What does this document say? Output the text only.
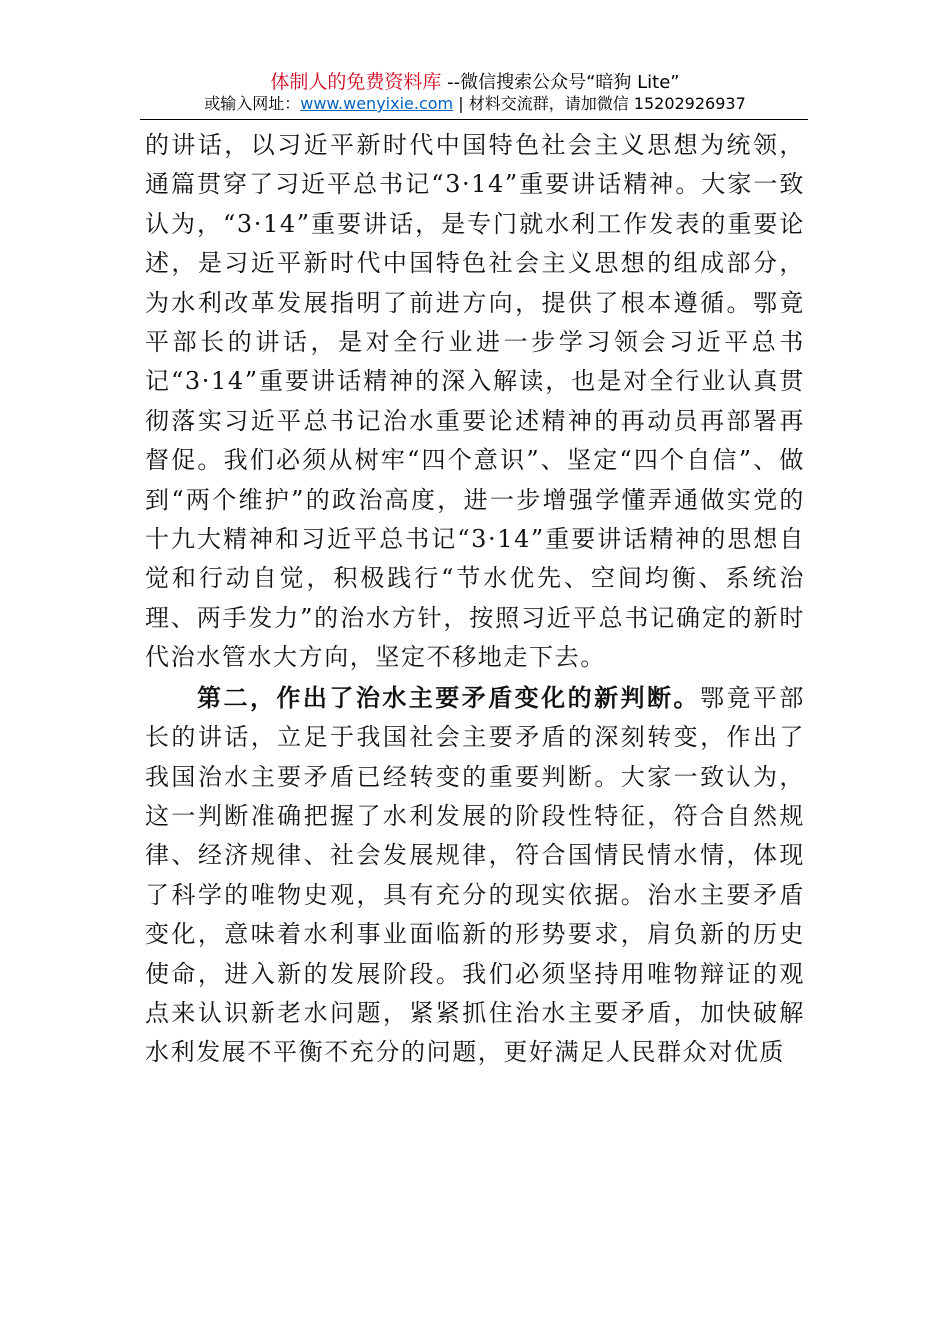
体制人的免费资料库 --微信搜索公众号“暗狗 Lite”
或输入网址：www.wenyixie.com | 材料交流群，请加微信 15202926937

的讲话，以习近平新时代中国特色社会主义思想为统领，通篇贯穿了习近平总书记“3·14”重要讲话精神。大家一致认为，“3·14”重要讲话，是专门就水利工作发表的重要论述，是习近平新时代中国特色社会主义思想的组成部分，为水利改革发展指明了前进方向，提供了根本遵循。鄂竟平部长的讲话，是对全行业进一步学习领会习近平总书记“3·14”重要讲话精神的深入解读，也是对全行业认真贯彻落实习近平总书记治水重要论述精神的再动员再部署再督促。我们必须从树牢“四个意识”、坚定“四个自信”、做到“两个维护”的政治高度，进一步增强学懂弄通做实党的十九大精神和习近平总书记“3·14”重要讲话精神的思想自觉和行动自觉，积极践行“节水优先、空间均衡、系统治理、两手发力”的治水方针，按照习近平总书记确定的新时代治水管水大方向，坚定不移地走下去。

第二，作出了治水主要矛盾变化的新判断。鄂竟平部长的讲话，立足于我国社会主要矛盾的深刻转变，作出了我国治水主要矛盾已经转变的重要判断。大家一致认为，这一判断准确把握了水利发展的阶段性特征，符合自然规律、经济规律、社会发展规律，符合国情民情水情，体现了科学的唯物史观，具有充分的现实依据。治水主要矛盾变化，意味着水利事业面临新的形势要求，肩负新的历史使命，进入新的发展阶段。我们必须坚持用唯物辩证的观点来认识新老水问题，紧紧抓住治水主要矛盾，加快破解水利发展不平衡不充分的问题，更好满足人民群众对优质
